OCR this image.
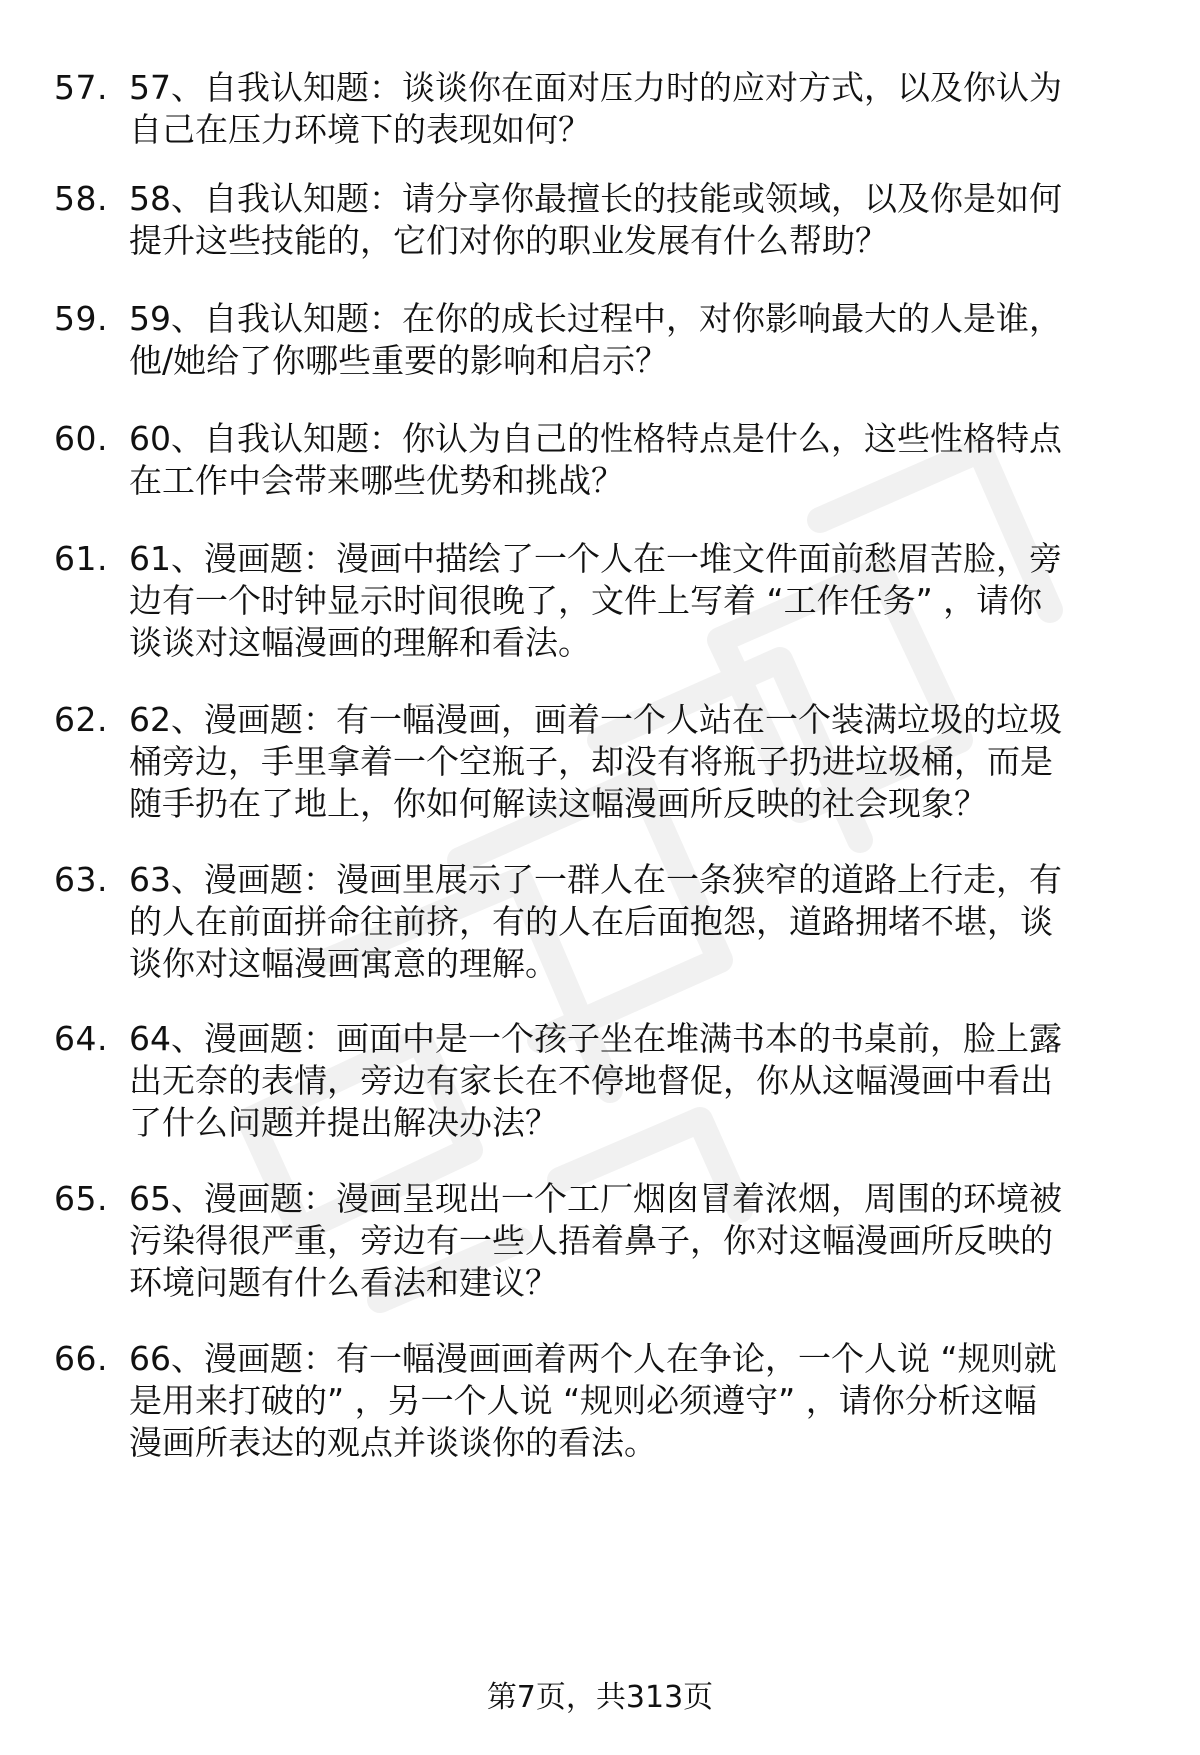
57. 57、自我认知题：谈谈你在面对压力时的应对方式，以及你认为
自己在压力环境下的表现如何？
58. 58、自我认知题：请分享你最擅长的技能或领域，以及你是如何
提升这些技能的，它们对你的职业发展有什么帮助？
59. 59、自我认知题：在你的成长过程中，对你影响最大的人是谁，
他/她给了你哪些重要的影响和启示？
60. 60、自我认知题：你认为自己的性格特点是什么，这些性格特点
在工作中会带来哪些优势和挑战？
61. 61、漫画题：漫画中描绘了一个人在一堆文件面前愁眉苦脸，旁
边有一个时钟显示时间很晚了，文件上写着 “工作任务” ，请你
谈谈对这幅漫画的理解和看法。
62. 62、漫画题：有一幅漫画，画着一个人站在一个装满垃圾的垃圾
桶旁边，手里拿着一个空瓶子，却没有将瓶子扔进垃圾桶，而是
随手扔在了地上，你如何解读这幅漫画所反映的社会现象？
63. 63、漫画题：漫画里展示了一群人在一条狭窄的道路上行走，有
的人在前面拼命往前挤，有的人在后面抱怨，道路拥堵不堪，谈
谈你对这幅漫画寓意的理解。
64. 64、漫画题：画面中是一个孩子坐在堆满书本的书桌前，脸上露
出无奈的表情，旁边有家长在不停地督促，你从这幅漫画中看出
了什么问题并提出解决办法？
65. 65、漫画题：漫画呈现出一个工厂烟囱冒着浓烟，周围的环境被
污染得很严重，旁边有一些人捂着鼻子，你对这幅漫画所反映的
环境问题有什么看法和建议？
66. 66、漫画题：有一幅漫画画着两个人在争论，一个人说 “规则就
是用来打破的” ，另一个人说 “规则必须遵守” ，请你分析这幅
漫画所表达的观点并谈谈你的看法。
第7页，共313页
